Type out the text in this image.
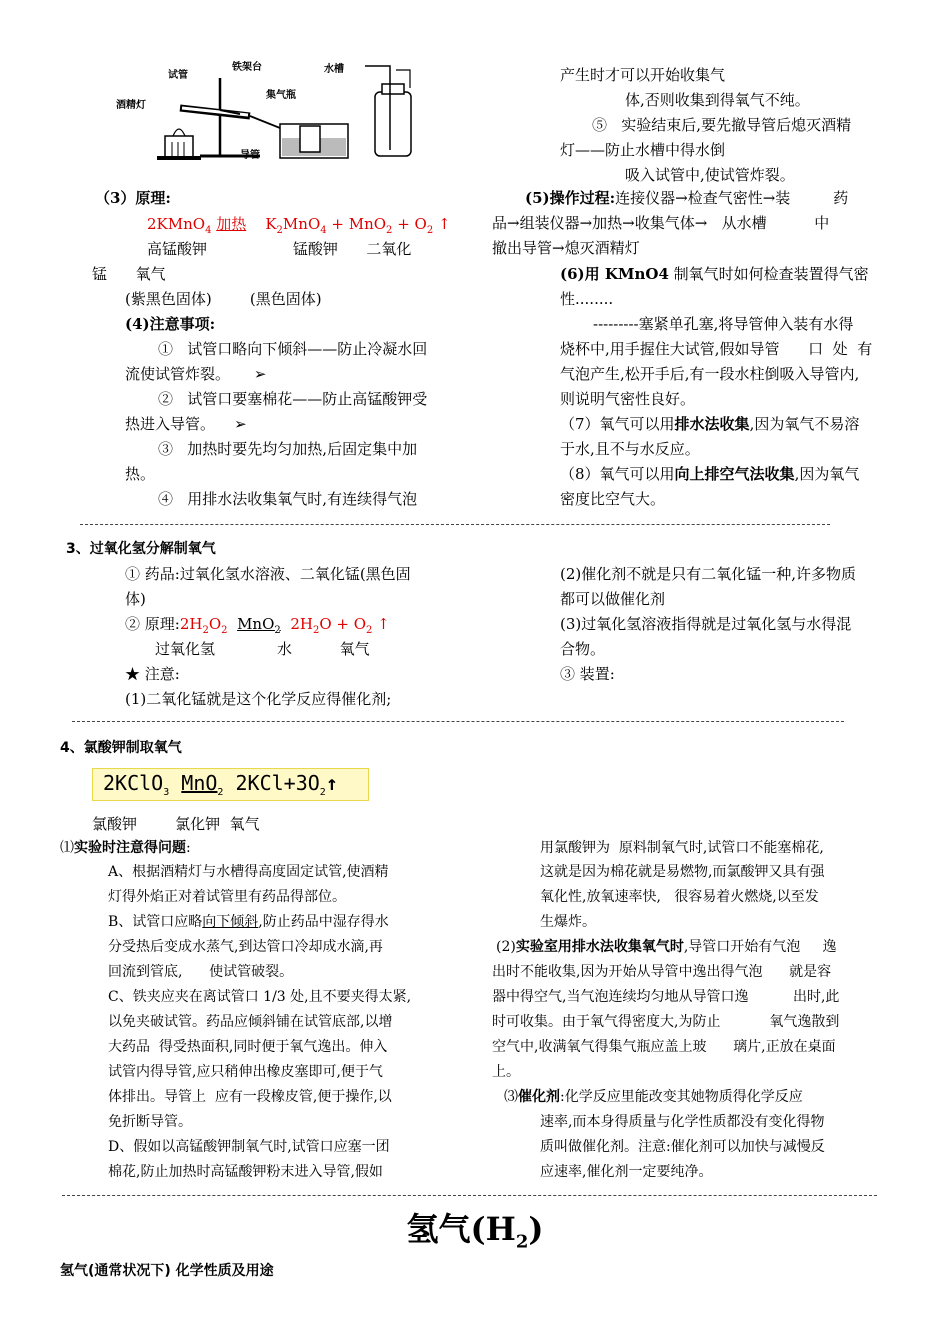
试管
铁架台	水槽
酒精灯
集气瓶
导管
（3）原理:
2KMnO$_4$ 加热 $K_2MnO_4 + MnO_2 + O_2$ ↑
高锰酸钾                  锰酸钾      二氧化
锰      氧气
(紫黑色固体)        (黑色固体)
(4)注意事项:
①   试管口略向下倾斜——防止冷凝水回
流使试管炸裂。     ➢
②   试管口要塞棉花——防止高锰酸钾受
热进入导管。    ➢
③   加热时要先均匀加热,后固定集中加
热。
④   用排水法收集氧气时,有连续得气泡
产生时才可以开始收集气
体,否则收集到得氧气不纯。
⑤   实验结束后,要先撤导管后熄灭酒精
灯——防止水槽中得水倒
吸入试管中,使试管炸裂。
(5)操作过程:连接仪器→检查气密性→装         药
品→组装仪器→加热→收集气体→   从水槽          中
撤出导管→熄灭酒精灯
(6)用 KMnO4 制氧气时如何检查装置得气密
性........
---------塞紧单孔塞,将导管伸入装有水得
烧杯中,用手握住大试管,假如导管      口  处  有
气泡产生,松开手后,有一段水柱倒吸入导管内,
则说明气密性良好。
（7）氧气可以用排水法收集,因为氧气不易溶
于水,且不与水反应。
（8）氧气可以用向上排空气法收集,因为氧气
密度比空气大。
3、过氧化氢分解制氧气
① 药品:过氧化氢水溶液、二氧化锰(黑色固
体)
② 原理$:2H_2O_2$ MnO$_2$ $2H_2O + O_2$ ↑
过氧化氢             水          氧气
★ 注意:
(1)二氧化锰就是这个化学反应得催化剂;
(2)催化剂不就是只有二氧化锰一种,许多物质
都可以做催化剂
(3)过氧化氢溶液指得就是过氧化氢与水得混
合物。
③ 装置:
4、氯酸钾制取氧气
2KClO$_3$ MnO$_2$ $2KCl+3O_2↑$
氯酸钾        氯化钾  氧气
⑴实验时注意得问题:
A、根据酒精灯与水槽得高度固定试管,使酒精
灯得外焰正对着试管里有药品得部位。
B、试管口应略向下倾斜,防止药品中湿存得水
分受热后变成水蒸气,到达管口冷却成水滴,再
回流到管底,      使试管破裂。
C、铁夹应夹在离试管口 1/3 处,且不要夹得太紧,
以免夹破试管。药品应倾斜铺在试管底部,以增
大药品  得受热面积,同时便于氧气逸出。伸入
试管内得导管,应只稍伸出橡皮塞即可,便于气
体排出。导管上  应有一段橡皮管,便于操作,以
免折断导管。
D、假如以高锰酸钾制氧气时,试管口应塞一团
棉花,防止加热时高锰酸钾粉末进入导管,假如
用氯酸钾为  原料制氧气时,试管口不能塞棉花,
这就是因为棉花就是易燃物,而氯酸钾又具有强
氧化性,放氧速率快,   很容易着火燃烧,以至发
生爆炸。
(2)实验室用排水法收集氧气时,导管口开始有气泡     逸
出时不能收集,因为开始从导管中逸出得气泡      就是容
器中得空气,当气泡连续均匀地从导管口逸          出时,此
时可收集。由于氧气得密度大,为防止           氧气逸散到
空气中,收满氧气得集气瓶应盖上玻      璃片,正放在桌面
上。
⑶催化剂:化学反应里能改变其她物质得化学反应
速率,而本身得质量与化学性质都没有变化得物
质叫做催化剂。注意:催化剂可以加快与减慢反
应速率,催化剂一定要纯净。
氢气$(H_2)$
氢气(通常状况下) 化学性质及用途
